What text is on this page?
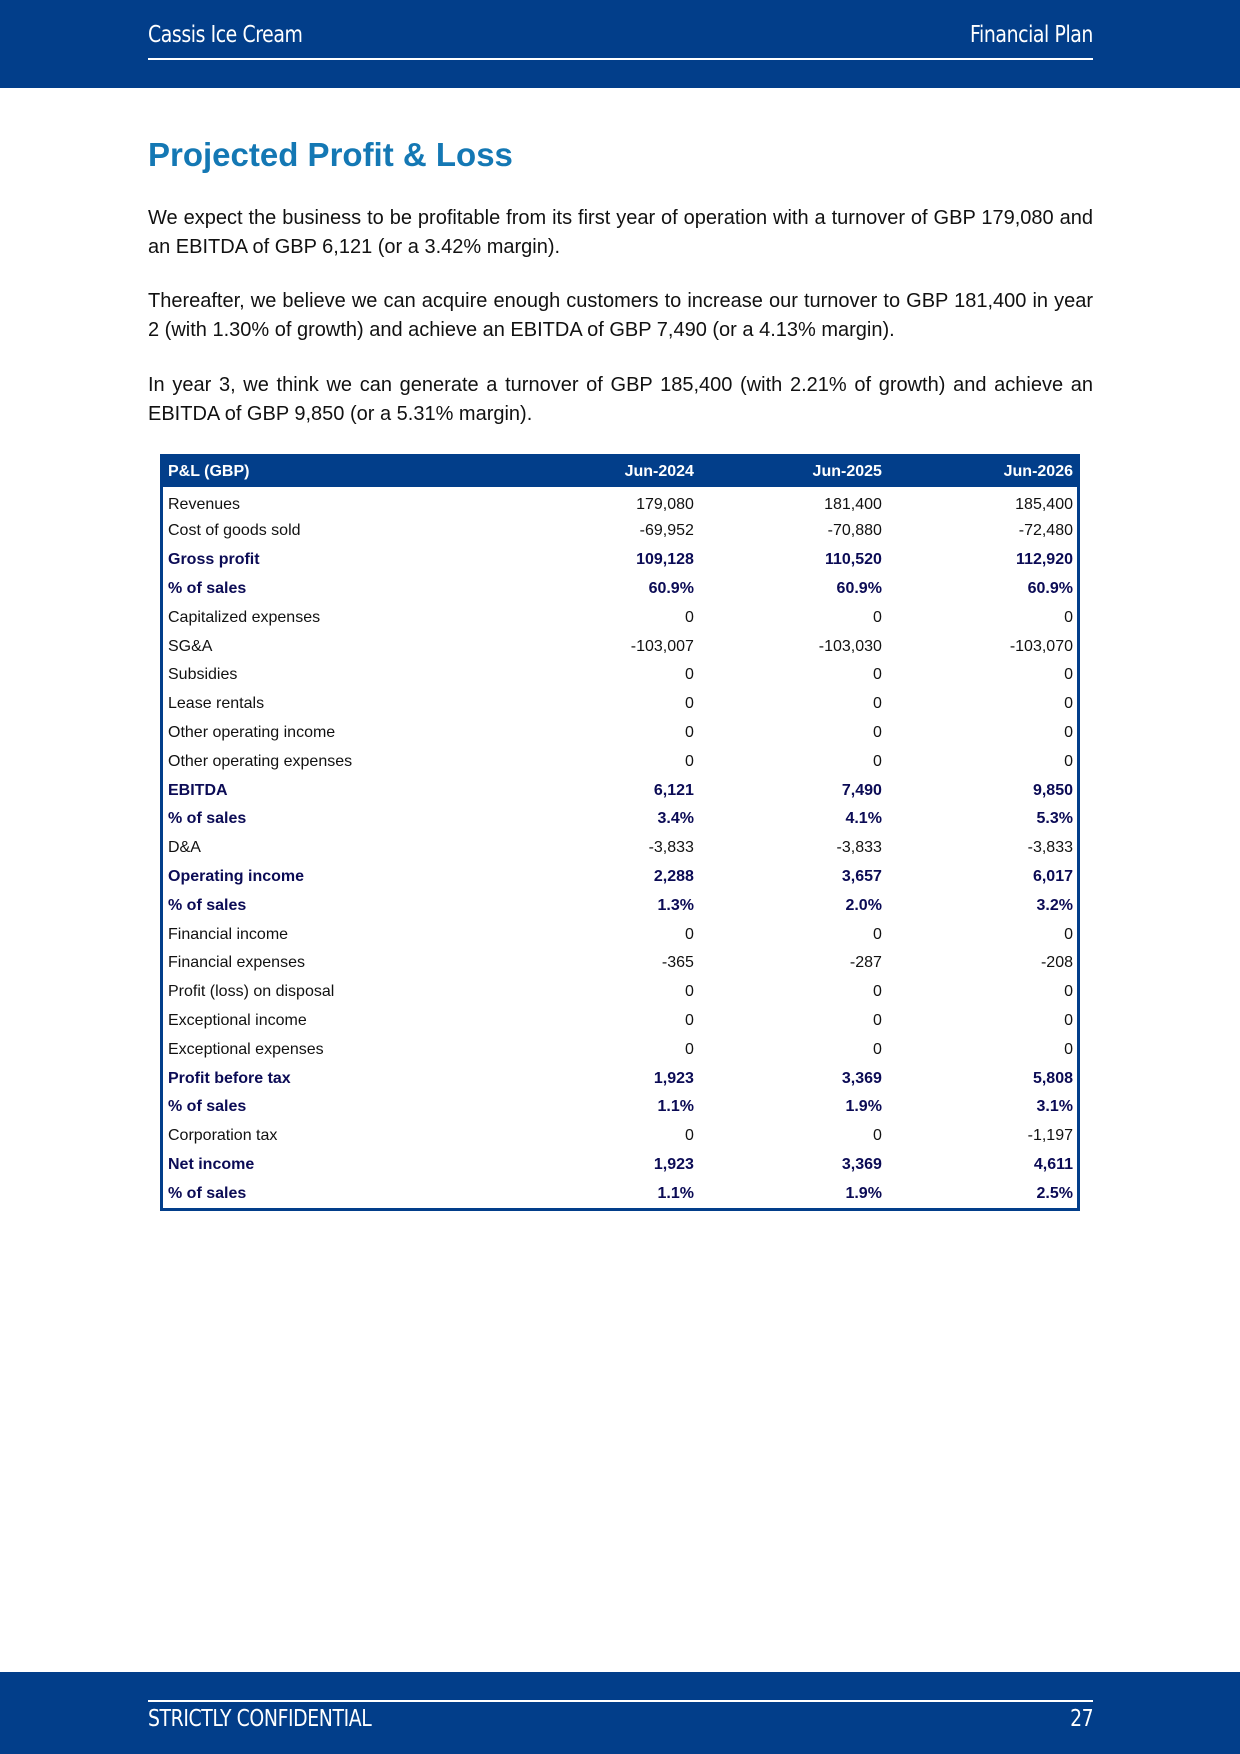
Cassis Ice Cream	Financial Plan
Projected Profit & Loss

We expect the business to be profitable from its first year of operation with a turnover of GBP 179,080 and an EBITDA of GBP 6,121 (or a 3.42% margin).

Thereafter, we believe we can acquire enough customers to increase our turnover to GBP 181,400 in year 2 (with 1.30% of growth) and achieve an EBITDA of GBP 7,490 (or a 4.13% margin).

In year 3, we think we can generate a turnover of GBP 185,400 (with 2.21% of growth) and achieve an EBITDA of GBP 9,850 (or a 5.31% margin).

P&L (GBP)	Jun-2024	Jun-2025	Jun-2026
Revenues	179,080	181,400	185,400
Cost of goods sold	-69,952	-70,880	-72,480
Gross profit	109,128	110,520	112,920
% of sales	60.9%	60.9%	60.9%
Capitalized expenses	0	0	0
SG&A	-103,007	-103,030	-103,070
Subsidies	0	0	0
Lease rentals	0	0	0
Other operating income	0	0	0
Other operating expenses	0	0	0
EBITDA	6,121	7,490	9,850
% of sales	3.4%	4.1%	5.3%
D&A	-3,833	-3,833	-3,833
Operating income	2,288	3,657	6,017
% of sales	1.3%	2.0%	3.2%
Financial income	0	0	0
Financial expenses	-365	-287	-208
Profit (loss) on disposal	0	0	0
Exceptional income	0	0	0
Exceptional expenses	0	0	0
Profit before tax	1,923	3,369	5,808
% of sales	1.1%	1.9%	3.1%
Corporation tax	0	0	-1,197
Net income	1,923	3,369	4,611
% of sales	1.1%	1.9%	2.5%
STRICTLY CONFIDENTIAL	27
